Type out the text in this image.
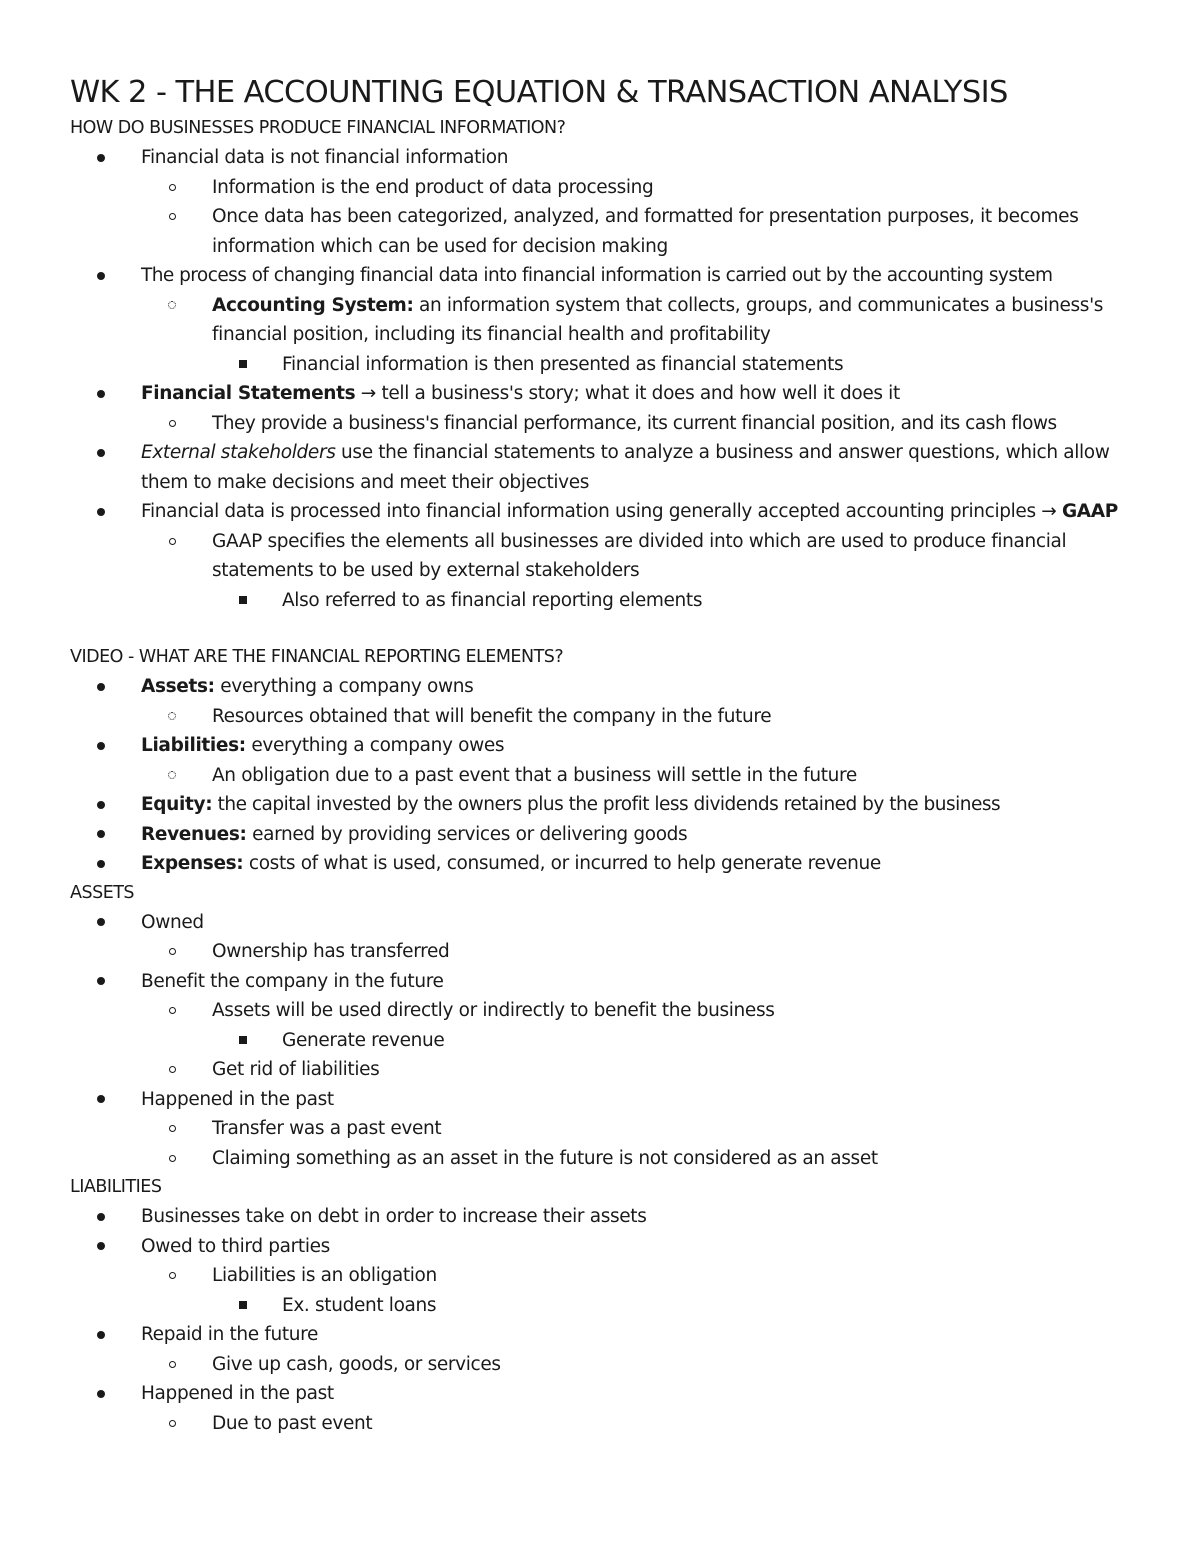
WK 2 - THE ACCOUNTING EQUATION & TRANSACTION ANALYSIS
HOW DO BUSINESSES PRODUCE FINANCIAL INFORMATION?
Financial data is not financial information
Information is the end product of data processing
Once data has been categorized, analyzed, and formatted for presentation purposes, it becomes information which can be used for decision making
The process of changing financial data into financial information is carried out by the accounting system
Accounting System: an information system that collects, groups, and communicates a business's financial position, including its financial health and profitability
Financial information is then presented as financial statements
Financial Statements → tell a business's story; what it does and how well it does it
They provide a business's financial performance, its current financial position, and its cash flows
External stakeholders use the financial statements to analyze a business and answer questions, which allow them to make decisions and meet their objectives
Financial data is processed into financial information using generally accepted accounting principles → GAAP
GAAP specifies the elements all businesses are divided into which are used to produce financial statements to be used by external stakeholders
Also referred to as financial reporting elements
VIDEO - WHAT ARE THE FINANCIAL REPORTING ELEMENTS?
Assets: everything a company owns
Resources obtained that will benefit the company in the future
Liabilities: everything a company owes
An obligation due to a past event that a business will settle in the future
Equity: the capital invested by the owners plus the profit less dividends retained by the business
Revenues: earned by providing services or delivering goods
Expenses: costs of what is used, consumed, or incurred to help generate revenue
ASSETS
Owned
Ownership has transferred
Benefit the company in the future
Assets will be used directly or indirectly to benefit the business
Generate revenue
Get rid of liabilities
Happened in the past
Transfer was a past event
Claiming something as an asset in the future is not considered as an asset
LIABILITIES
Businesses take on debt in order to increase their assets
Owed to third parties
Liabilities is an obligation
Ex. student loans
Repaid in the future
Give up cash, goods, or services
Happened in the past
Due to past event
